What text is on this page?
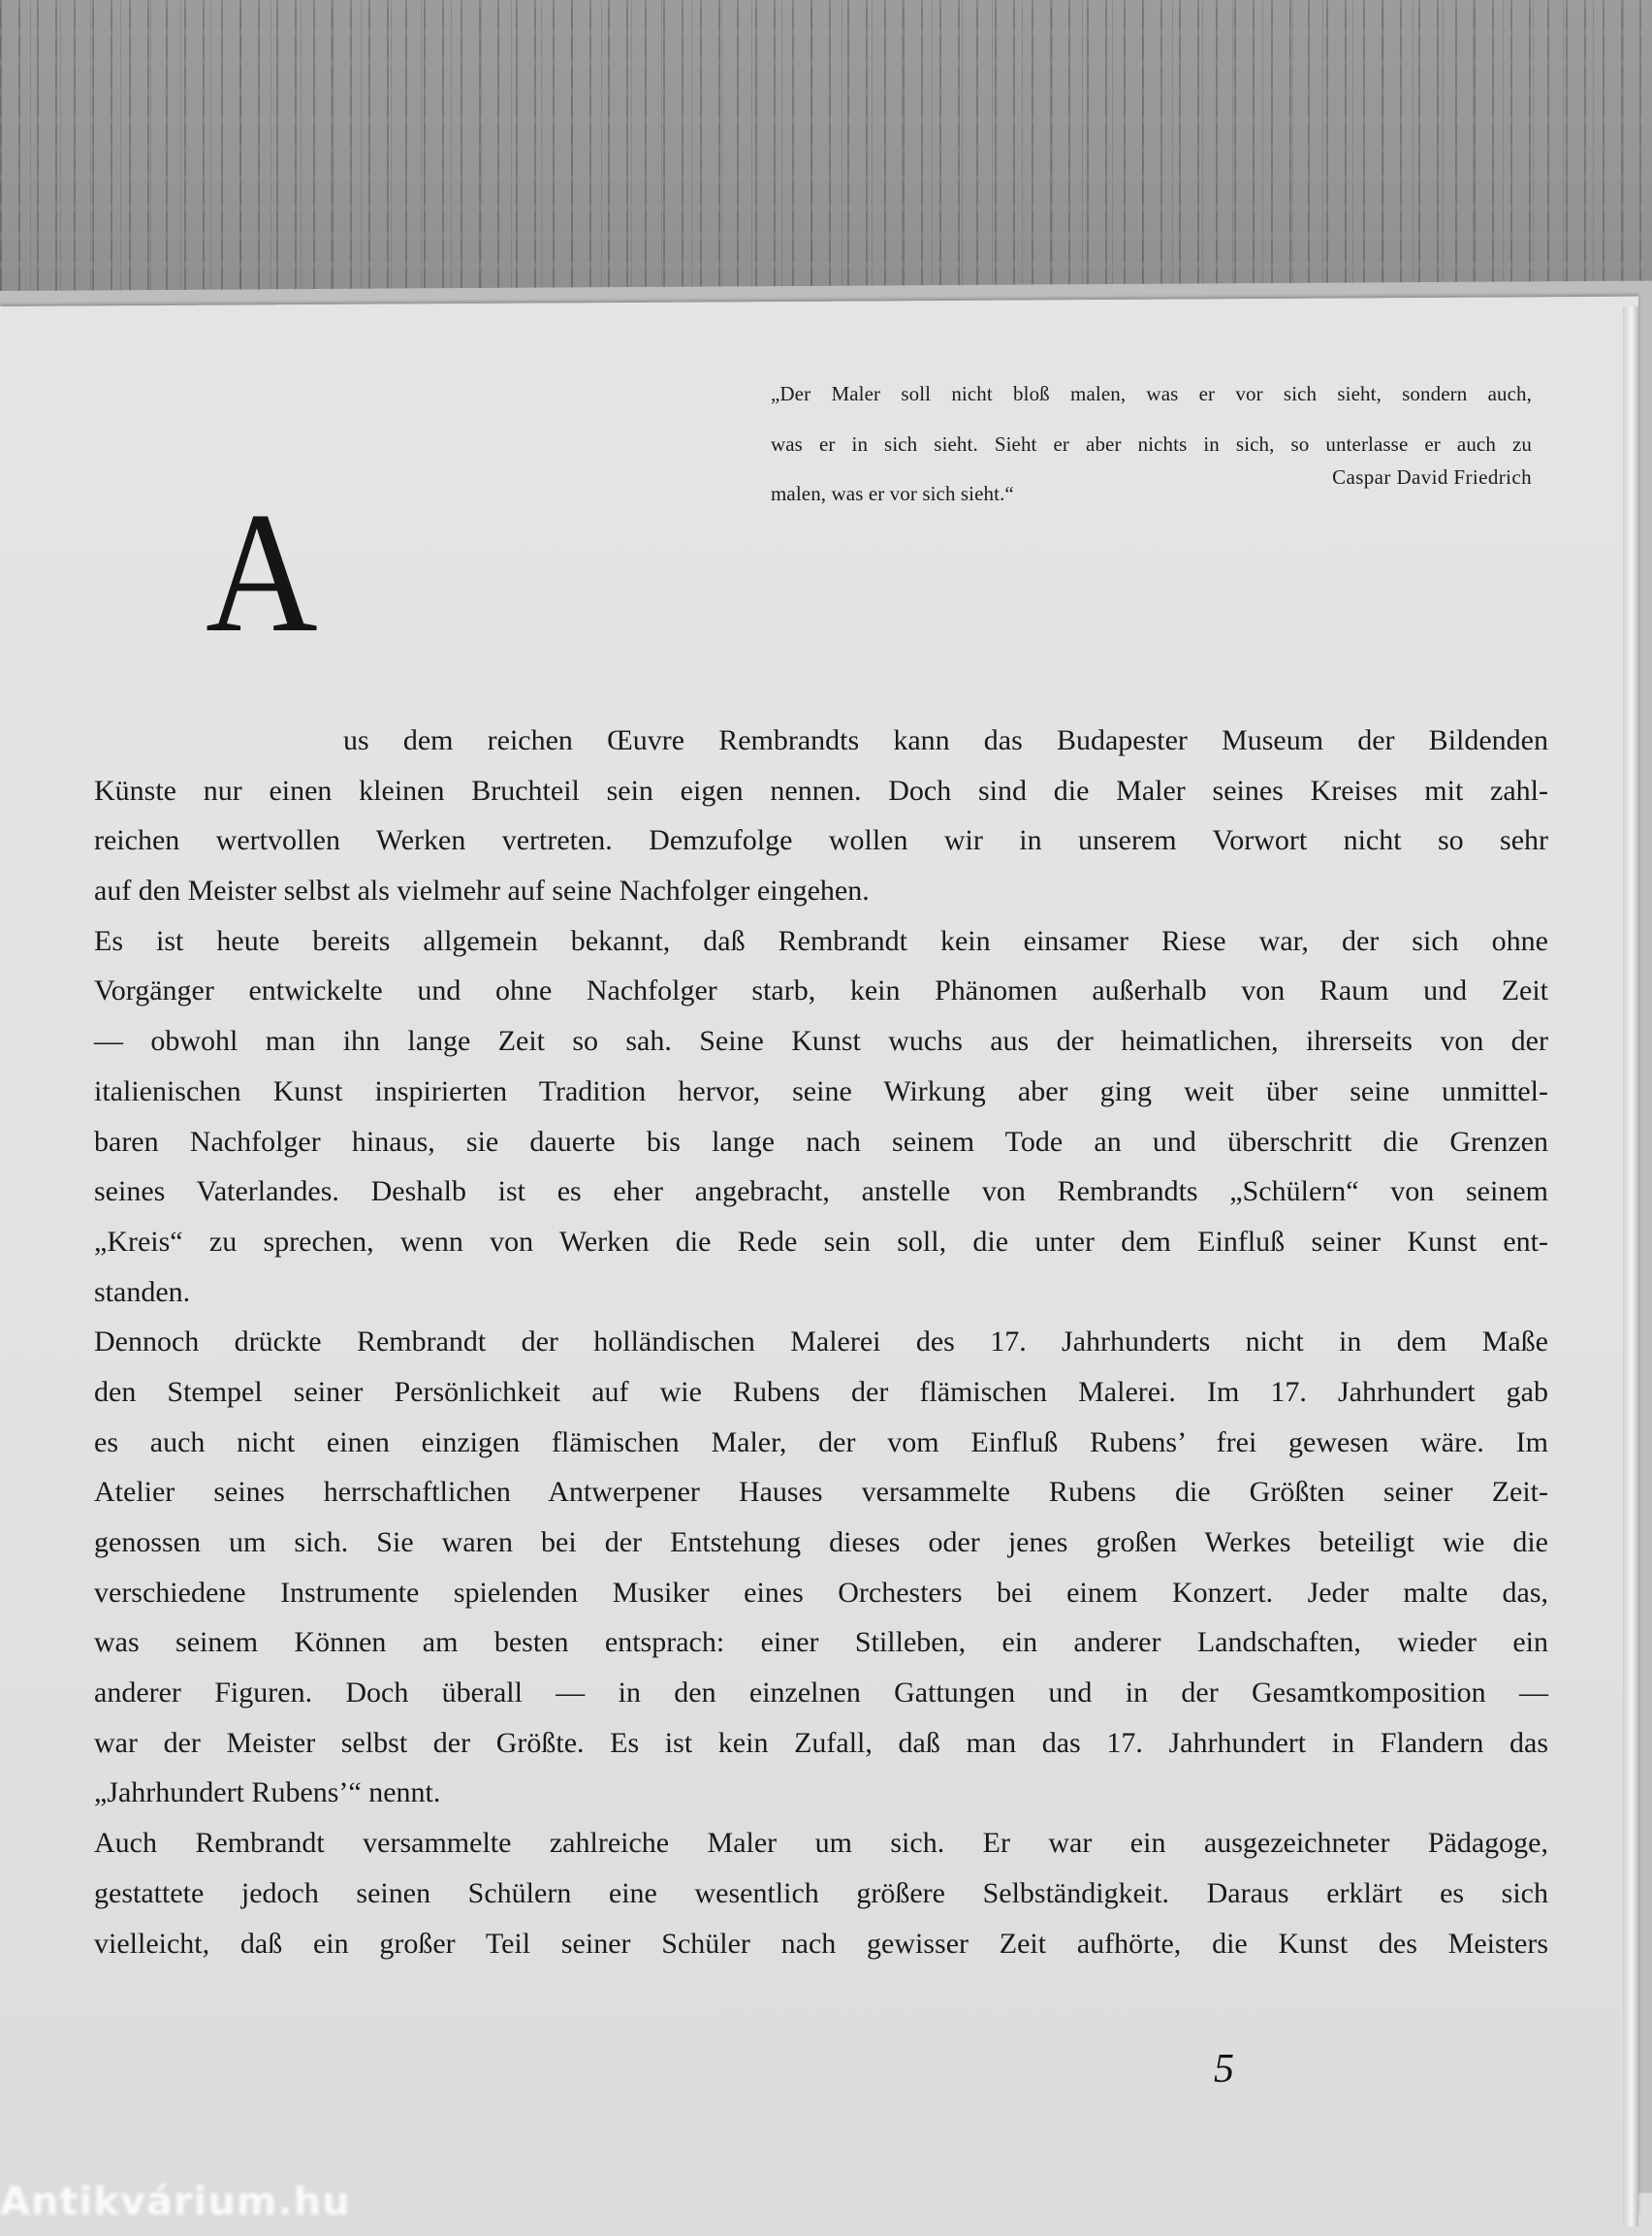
„Der Maler soll nicht bloß malen, was er vor sich sieht, sondern auch,
was er in sich sieht. Sieht er aber nichts in sich, so unterlasse er auch zu
malen, was er vor sich sieht.“
Caspar David Friedrich
A
us dem reichen Œuvre Rembrandts kann das Budapester Museum der Bildenden
Künste nur einen kleinen Bruchteil sein eigen nennen. Doch sind die Maler seines Kreises mit zahl-
reichen wertvollen Werken vertreten. Demzufolge wollen wir in unserem Vorwort nicht so sehr
auf den Meister selbst als vielmehr auf seine Nachfolger eingehen.
Es ist heute bereits allgemein bekannt, daß Rembrandt kein einsamer Riese war, der sich ohne
Vorgänger entwickelte und ohne Nachfolger starb, kein Phänomen außerhalb von Raum und Zeit
— obwohl man ihn lange Zeit so sah. Seine Kunst wuchs aus der heimatlichen, ihrerseits von der
italienischen Kunst inspirierten Tradition hervor, seine Wirkung aber ging weit über seine unmittel-
baren Nachfolger hinaus, sie dauerte bis lange nach seinem Tode an und überschritt die Grenzen
seines Vaterlandes. Deshalb ist es eher angebracht, anstelle von Rembrandts „Schülern“ von seinem
„Kreis“ zu sprechen, wenn von Werken die Rede sein soll, die unter dem Einfluß seiner Kunst ent-
standen.
Dennoch drückte Rembrandt der holländischen Malerei des 17. Jahrhunderts nicht in dem Maße
den Stempel seiner Persönlichkeit auf wie Rubens der flämischen Malerei. Im 17. Jahrhundert gab
es auch nicht einen einzigen flämischen Maler, der vom Einfluß Rubens’ frei gewesen wäre. Im
Atelier seines herrschaftlichen Antwerpener Hauses versammelte Rubens die Größten seiner Zeit-
genossen um sich. Sie waren bei der Entstehung dieses oder jenes großen Werkes beteiligt wie die
verschiedene Instrumente spielenden Musiker eines Orchesters bei einem Konzert. Jeder malte das,
was seinem Können am besten entsprach: einer Stilleben, ein anderer Landschaften, wieder ein
anderer Figuren. Doch überall — in den einzelnen Gattungen und in der Gesamtkomposition —
war der Meister selbst der Größte. Es ist kein Zufall, daß man das 17. Jahrhundert in Flandern das
„Jahrhundert Rubens’“ nennt.
Auch Rembrandt versammelte zahlreiche Maler um sich. Er war ein ausgezeichneter Pädagoge,
gestattete jedoch seinen Schülern eine wesentlich größere Selbständigkeit. Daraus erklärt es sich
vielleicht, daß ein großer Teil seiner Schüler nach gewisser Zeit aufhörte, die Kunst des Meisters
5
Antikvárium.hu
